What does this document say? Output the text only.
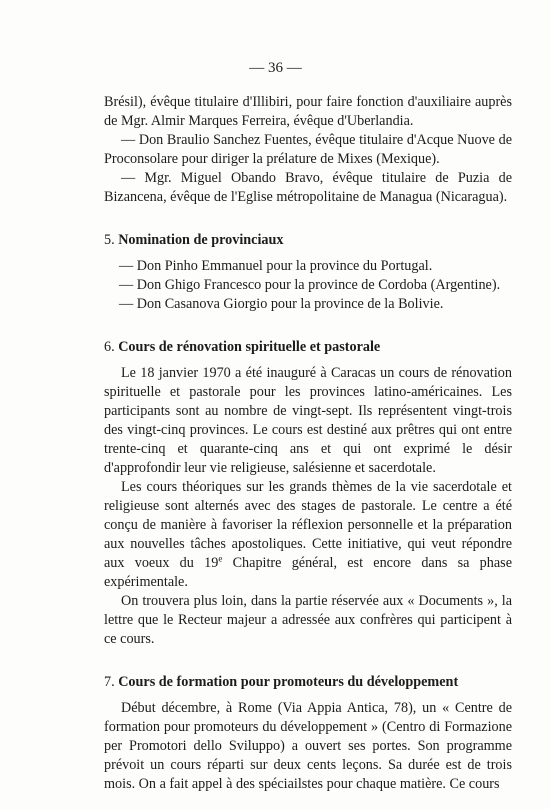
— 36 —

Brésil), évêque titulaire d'Illibiri, pour faire fonction d'auxiliaire auprès de Mgr. Almir Marques Ferreira, évêque d'Uberlandia.

— Don Braulio Sanchez Fuentes, évêque titulaire d'Acque Nuove de Proconsolare pour diriger la prélature de Mixes (Mexique).

— Mgr. Miguel Obando Bravo, évêque titulaire de Puzia de Bizancena, évêque de l'Eglise métropolitaine de Managua (Nicaragua).

5. Nomination de provinciaux

— Don Pinho Emmanuel pour la province du Portugal.

— Don Ghigo Francesco pour la province de Cordoba (Argentine).

— Don Casanova Giorgio pour la province de la Bolivie.

6. Cours de rénovation spirituelle et pastorale

Le 18 janvier 1970 a été inauguré à Caracas un cours de rénovation spirituelle et pastorale pour les provinces latino-américaines. Les participants sont au nombre de vingt-sept. Ils représentent vingt-trois des vingt-cinq provinces. Le cours est destiné aux prêtres qui ont entre trente-cinq et quarante-cinq ans et qui ont exprimé le désir d'approfondir leur vie religieuse, salésienne et sacerdotale.

Les cours théoriques sur les grands thèmes de la vie sacerdotale et religieuse sont alternés avec des stages de pastorale. Le centre a été conçu de manière à favoriser la réflexion personnelle et la préparation aux nouvelles tâches apostoliques. Cette initiative, qui veut répondre aux voeux du 19e Chapitre général, est encore dans sa phase expérimentale.

On trouvera plus loin, dans la partie réservée aux « Documents », la lettre que le Recteur majeur a adressée aux confrères qui participent à ce cours.

7. Cours de formation pour promoteurs du développement

Début décembre, à Rome (Via Appia Antica, 78), un « Centre de formation pour promoteurs du développement » (Centro di Formazione per Promotori dello Sviluppo) a ouvert ses portes. Son programme prévoit un cours réparti sur deux cents leçons. Sa durée est de trois mois. On a fait appel à des spéciailstes pour chaque matière. Ce cours
